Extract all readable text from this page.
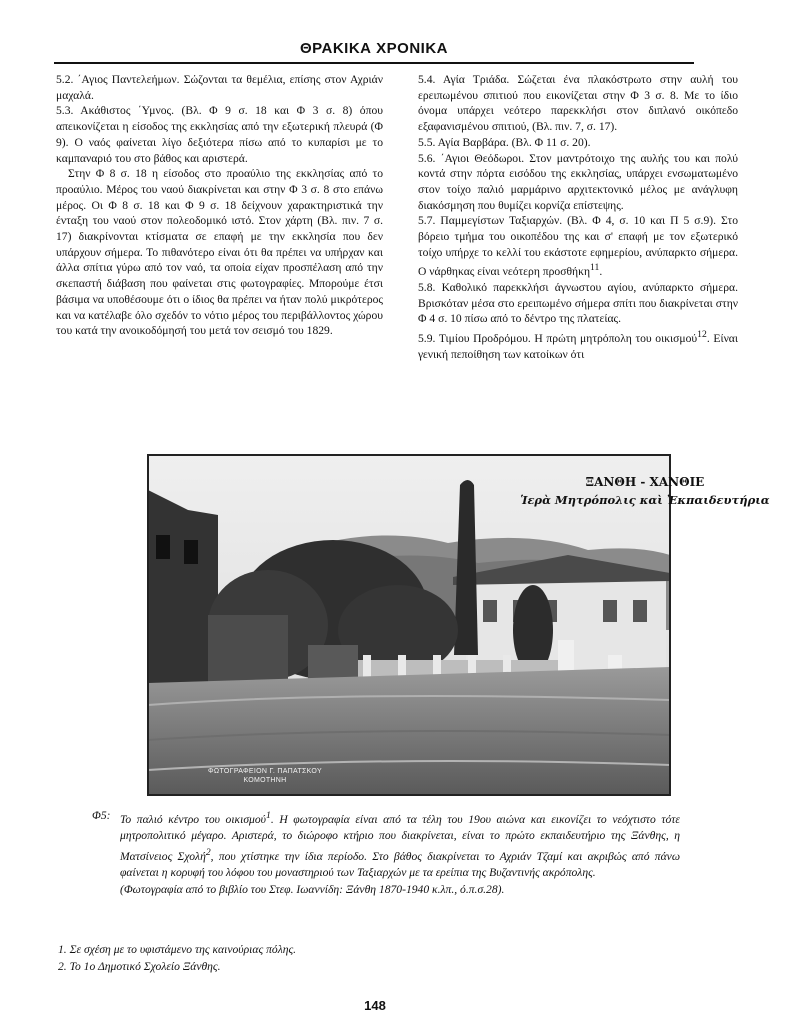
ΘΡΑΚΙΚΑ ΧΡΟΝΙΚΑ

5.2. ΄Αγιος Παντελεήμων. Σώζονται τα θεμέλια, επίσης στον Αχριάν μαχαλά.

5.3. Ακάθιστος ΄Υμνος. (Βλ. Φ 9 σ. 18 και Φ 3 σ. 8) όπου απεικονίζεται η είσοδος της εκκλησίας από την εξωτερική πλευρά (Φ 9). Ο ναός φαίνεται λίγο δεξιότερα πίσω από το κυπαρίσι με το καμπαναριό του στο βάθος και αριστερά.

Στην Φ 8 σ. 18 η είσοδος στο προαύλιο της εκκλησίας από το προαύλιο. Μέρος του ναού διακρίνεται και στην Φ 3 σ. 8 στο επάνω μέρος. Οι Φ 8 σ. 18 και Φ 9 σ. 18 δείχνουν χαρακτηριστικά την ένταξη του ναού στον πολεοδομικό ιστό. Στον χάρτη (Βλ. πιν. 7 σ. 17) διακρίνονται κτίσματα σε επαφή με την εκκλησία που δεν υπάρχουν σήμερα. Το πιθανότερο είναι ότι θα πρέπει να υπήρχαν και άλλα σπίτια γύρω από τον ναό, τα οποία είχαν προσπέλαση από την σκεπαστή διάβαση που φαίνεται στις φωτογραφίες. Μπορούμε έτσι βάσιμα να υποθέσουμε ότι ο ίδιος θα πρέπει να ήταν πολύ μικρότερος και να κατέλαβε όλο σχεδόν το νότιο μέρος του περιβάλλοντος χώρου του κατά την ανοικοδόμησή του μετά τον σεισμό του 1829.

5.4. Αγία Τριάδα. Σώζεται ένα πλακόστρωτο στην αυλή του ερειπωμένου σπιτιού που εικονίζεται στην Φ 3 σ. 8. Με το ίδιο όνομα υπάρχει νεότερο παρεκκλήσι στον διπλανό οικόπεδο εξαφανισμένου σπιτιού, (Βλ. πιν. 7, σ. 17).

5.5. Αγία Βαρβάρα. (Βλ. Φ 11 σ. 20).

5.6. ΄Αγιοι Θεόδωροι. Στον μαντρότοιχο της αυλής του και πολύ κοντά στην πόρτα εισόδου της εκκλησίας, υπάρχει ενσωματωμένο στον τοίχο παλιό μαρμάρινο αρχιτεκτονικό μέλος με ανάγλυφη διακόσμηση που θυμίζει κορνίζα επίστεψης.

5.7. Παμμεγίστων Ταξιαρχών. (Βλ. Φ 4, σ. 10 και Π 5 σ.9). Στο βόρειο τμήμα του οικοπέδου της και σ' επαφή με τον εξωτερικό τοίχο υπήρχε το κελλί του εκάστοτε εφημερίου, ανύπαρκτο σήμερα. Ο νάρθηκας είναι νεότερη προσθήκη$^{11}$.

5.8. Καθολικό παρεκκλήσι άγνωστου αγίου, ανύπαρκτο σήμερα. Βρισκόταν μέσα στο ερειπωμένο σήμερα σπίτι που διακρίνεται στην Φ 4 σ. 10 πίσω από το δέντρο της πλατείας.

5.9. Τιμίου Προδρόμου. Η πρώτη μητρόπολη του οικισμού$^{12}$. Είναι γενική πεποίθηση των κατοίκων ότι

ΞΑΝΘΗ - ΧΑΝΘΙΕ
Ἱερὰ Μητρόπολις καὶ Ἐκπαιδευτήρια
ΦΩΤΟΓΡΑΦΕΙΟΝ Γ. ΠΑΠΑΤΣΚΟΥ ΚΟΜΟΤΗΝΗ
Φ5: Το παλιό κέντρο του οικισμού$^1$. Η φωτογραφία είναι από τα τέλη του 19ου αιώνα και εικονίζει το νεόχτιστο τότε μητροπολιτικό μέγαρο. Αριστερά, το διώροφο κτήριο που διακρίνεται, είναι το πρώτο εκπαιδευτήριο της Ξάνθης, η Ματσίνειος Σχολή$^2$, που χτίστηκε την ίδια περίοδο. Στο βάθος διακρίνεται το Αχριάν Τζαμί και ακριβώς από πάνω φαίνεται η κορυφή του λόφου του μοναστηριού των Ταξιαρχών με τα ερείπια της Βυζαντινής ακρόπολης.

(Φωτογραφία από το βιβλίο του Στεφ. Ιωαννίδη: Ξάνθη 1870-1940 κ.λπ., ό.π.σ.28).

1. Σε σχέση με το υφιστάμενο της καινούριας πόλης.

2. Το 1ο Δημοτικό Σχολείο Ξάνθης.

148
